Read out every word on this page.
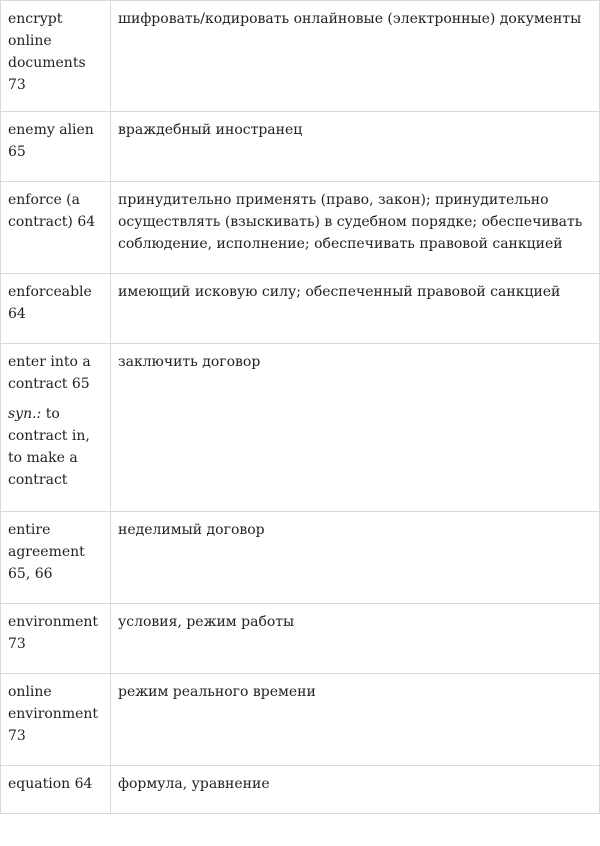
encrypt online documents 73	шифровать/кодировать онлайновые (электронные) документы

enemy alien 65	враждебный иностранец

enforce (a contract) 64	принудительно применять (право, закон); принудительно осуществлять (взыскивать) в судебном порядке; обеспечивать соблюдение, исполнение; обеспечивать правовой санкцией

enforceable 64	имеющий исковую силу; обеспеченный правовой санкцией

enter into a contract 65
syn.: to contract in, to make a contract	заключить договор

entire agreement 65, 66	неделимый договор

environment 73	условия, режим работы

online environment 73	режим реального времени

equation 64	формула, уравнение
